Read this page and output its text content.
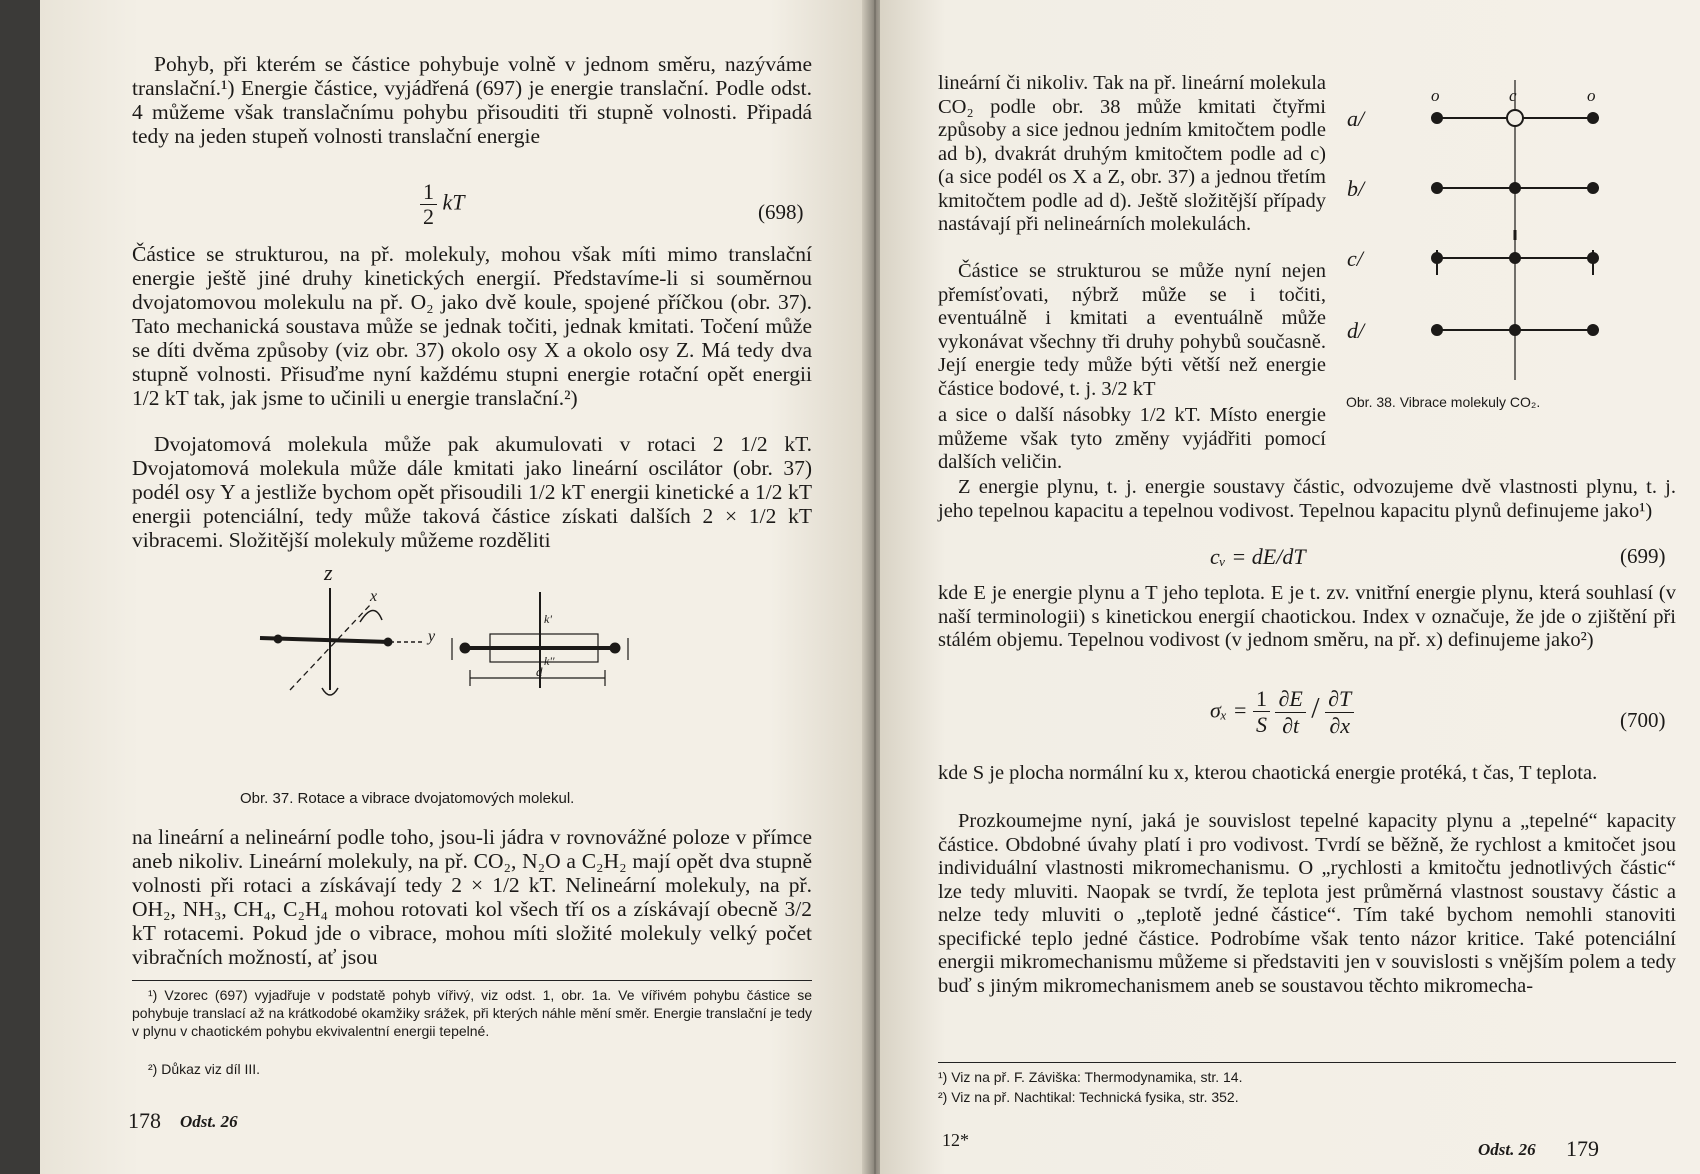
Pohyb, při kterém se částice pohybuje volně v jednom směru, nazýváme translační.¹) Energie částice, vyjádřená (697) je energie translační. Podle odst. 4 můžeme však translačnímu pohybu přisouditi tři stupně volnosti. Připadá tedy na jeden stupeň volnosti translační energie

$\frac{1}{2}$ kT	(698)

Částice se strukturou, na př. molekuly, mohou však míti mimo translační energie ještě jiné druhy kinetických energií. Představíme-li si souměrnou dvojatomovou molekulu na př. O₂ jako dvě koule, spojené příčkou (obr. 37). Tato mechanická soustava může se jednak točiti, jednak kmitati. Točení může se díti dvěma způsoby (viz obr. 37) okolo osy X a okolo osy Z. Má tedy dva stupně volnosti. Přisuďme nyní každému stupni energie rotační opět energii 1/2 kT tak, jak jsme to učinili u energie translační.²)

Dvojatomová molekula může pak akumulovati v rotaci 2 1/2 kT. Dvojatomová molekula může dále kmitati jako lineární oscilátor (obr. 37) podél osy Y a jestliže bychom opět přisoudili 1/2 kT energii kinetické a 1/2 kT energii potenciální, tedy může taková částice získati dalších 2 × 1/2 kT vibracemi. Složitější molekuly můžeme rozděliti

z
x
y
k'
k''
d
Obr. 37. Rotace a vibrace dvojatomových molekul.

na lineární a nelineární podle toho, jsou-li jádra v rovnovážné poloze v přímce aneb nikoliv. Lineární molekuly, na př. CO₂, N₂O a C₂H₂ mají opět dva stupně volnosti při rotaci a získávají tedy 2 × 1/2 kT. Nelineární molekuly, na př. OH₂, NH₃, CH₄, C₂H₄ mohou rotovati kol všech tří os a získávají obecně 3/2 kT rotacemi. Pokud jde o vibrace, mohou míti složité molekuly velký počet vibračních možností, ať jsou

¹) Vzorec (697) vyjadřuje v podstatě pohyb vířivý, viz odst. 1, obr. 1a. Ve vířivém pohybu částice se pohybuje translací až na krátkodobé okamžiky srážek, při kterých náhle mění směr. Energie translační je tedy v plynu v chaotickém pohybu ekvivalentní energii tepelné.

²) Důkaz viz díl III.

178 Odst. 26

lineární či nikoliv. Tak na př. lineární molekula CO₂ podle obr. 38 může kmitati čtyřmi způsoby a sice jednou jedním kmitočtem podle ad b), dvakrát druhým kmitočtem podle ad c) (a sice podél os X a Z, obr. 37) a jednou třetím kmitočtem podle ad d). Ještě složitější případy nastávají při nelineárních molekulách.

Částice se strukturou se může nyní nejen přemísťovati, nýbrž může se i točiti, eventuálně i kmitati a eventuálně může vykonávat všechny tři druhy pohybů současně. Její energie tedy může býti větší než energie částice bodové, t. j. 3/2 kT

a/
b/
c/
d/
o	c	o
Obr. 38. Vibrace molekuly CO₂.

a sice o další násobky 1/2 kT. Místo energie můžeme však tyto změny vyjádřiti pomocí dalších veličin.

Z energie plynu, t. j. energie soustavy částic, odvozujeme dvě vlastnosti plynu, t. j. jeho tepelnou kapacitu a tepelnou vodivost. Tepelnou kapacitu plynů definujeme jako¹)

cᵥ = dE/dT	(699)

kde E je energie plynu a T jeho teplota. E je t. zv. vnitřní energie plynu, která souhlasí (v naší terminologii) s kinetickou energií chaotickou. Index v označuje, že jde o zjištění při stálém objemu. Tepelnou vodivost (v jednom směru, na př. x) definujeme jako²)

$\sigma_x = \frac{1}{S} \frac{\partial E}{\partial t} / \frac{\partial T}{\partial x}$	(700)

kde S je plocha normální ku x, kterou chaotická energie protéká, t čas, T teplota.

Prozkoumejme nyní, jaká je souvislost tepelné kapacity plynu a „tepelné“ kapacity částice. Obdobné úvahy platí i pro vodivost. Tvrdí se běžně, že rychlost a kmitočet jsou individuální vlastnosti mikromechanismu. O „rychlosti a kmitočtu jednotlivých částic“ lze tedy mluviti. Naopak se tvrdí, že teplota jest průměrná vlastnost soustavy částic a nelze tedy mluviti o „teplotě jedné částice“. Tím také bychom nemohli stanoviti specifické teplo jedné částice. Podrobíme však tento názor kritice. Také potenciální energii mikromechanismu můžeme si představiti jen v souvislosti s vnějším polem a tedy buď s jiným mikromechanismem aneb se soustavou těchto mikromecha-

¹) Viz na př. F. Záviška: Thermodynamika, str. 14.

²) Viz na př. Nachtikal: Technická fysika, str. 352.

12*	Odst. 26 179
